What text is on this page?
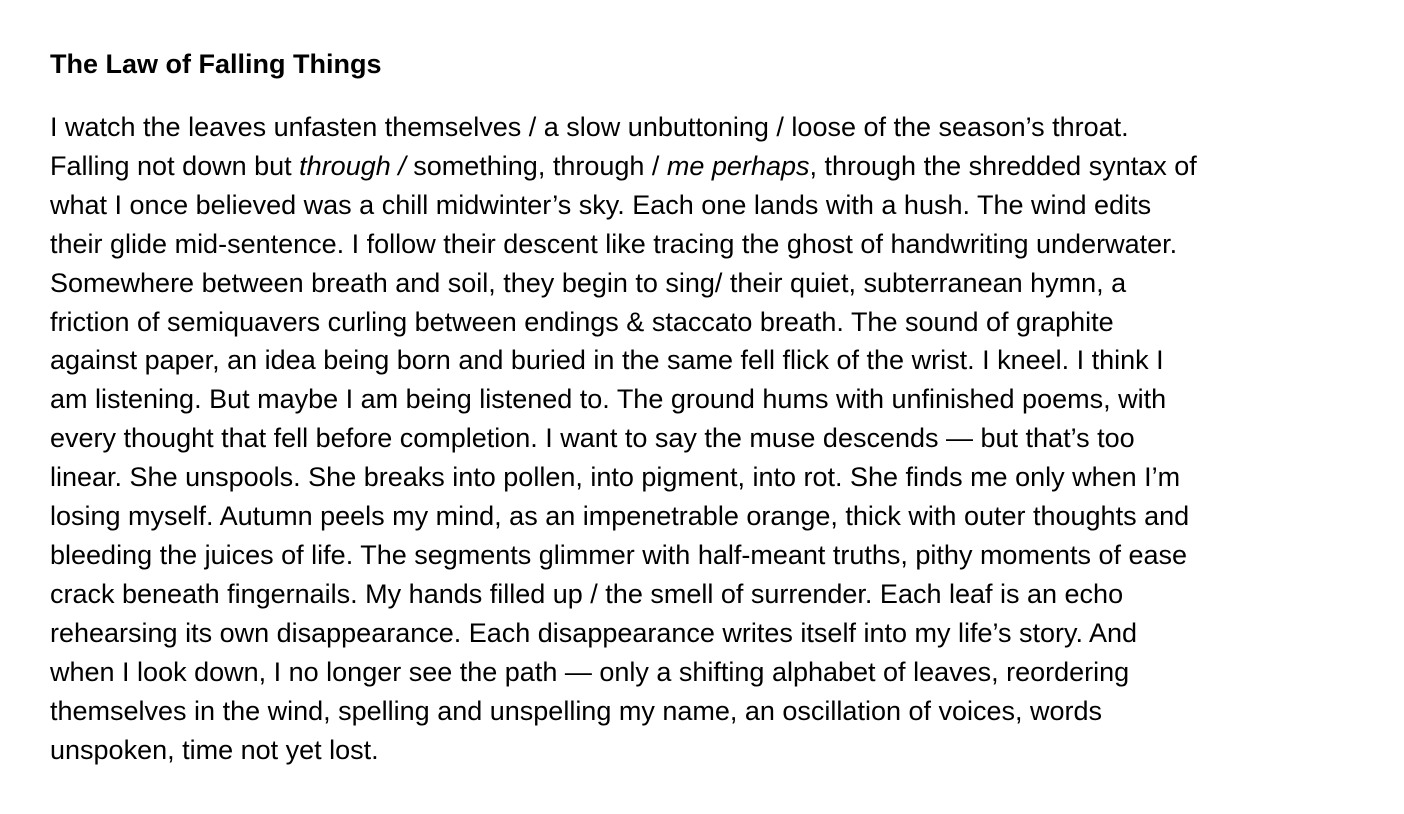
The Law of Falling Things
I watch the leaves unfasten themselves / a slow unbuttoning / loose of the season’s throat.
Falling not down but through / something, through / me perhaps, through the shredded syntax of
what I once believed was a chill midwinter’s sky. Each one lands with a hush. The wind edits
their glide mid-sentence. I follow their descent like tracing the ghost of handwriting underwater.
Somewhere between breath and soil, they begin to sing/ their quiet, subterranean hymn, a
friction of semiquavers curling between endings & staccato breath. The sound of graphite
against paper, an idea being born and buried in the same fell flick of the wrist. I kneel. I think I
am listening. But maybe I am being listened to. The ground hums with unfinished poems, with
every thought that fell before completion. I want to say the muse descends — but that’s too
linear. She unspools. She breaks into pollen, into pigment, into rot. She finds me only when I’m
losing myself. Autumn peels my mind, as an impenetrable orange, thick with outer thoughts and
bleeding the juices of life. The segments glimmer with half-meant truths, pithy moments of ease
crack beneath fingernails. My hands filled up / the smell of surrender. Each leaf is an echo
rehearsing its own disappearance. Each disappearance writes itself into my life’s story. And
when I look down, I no longer see the path — only a shifting alphabet of leaves, reordering
themselves in the wind, spelling and unspelling my name, an oscillation of voices, words
unspoken, time not yet lost.
